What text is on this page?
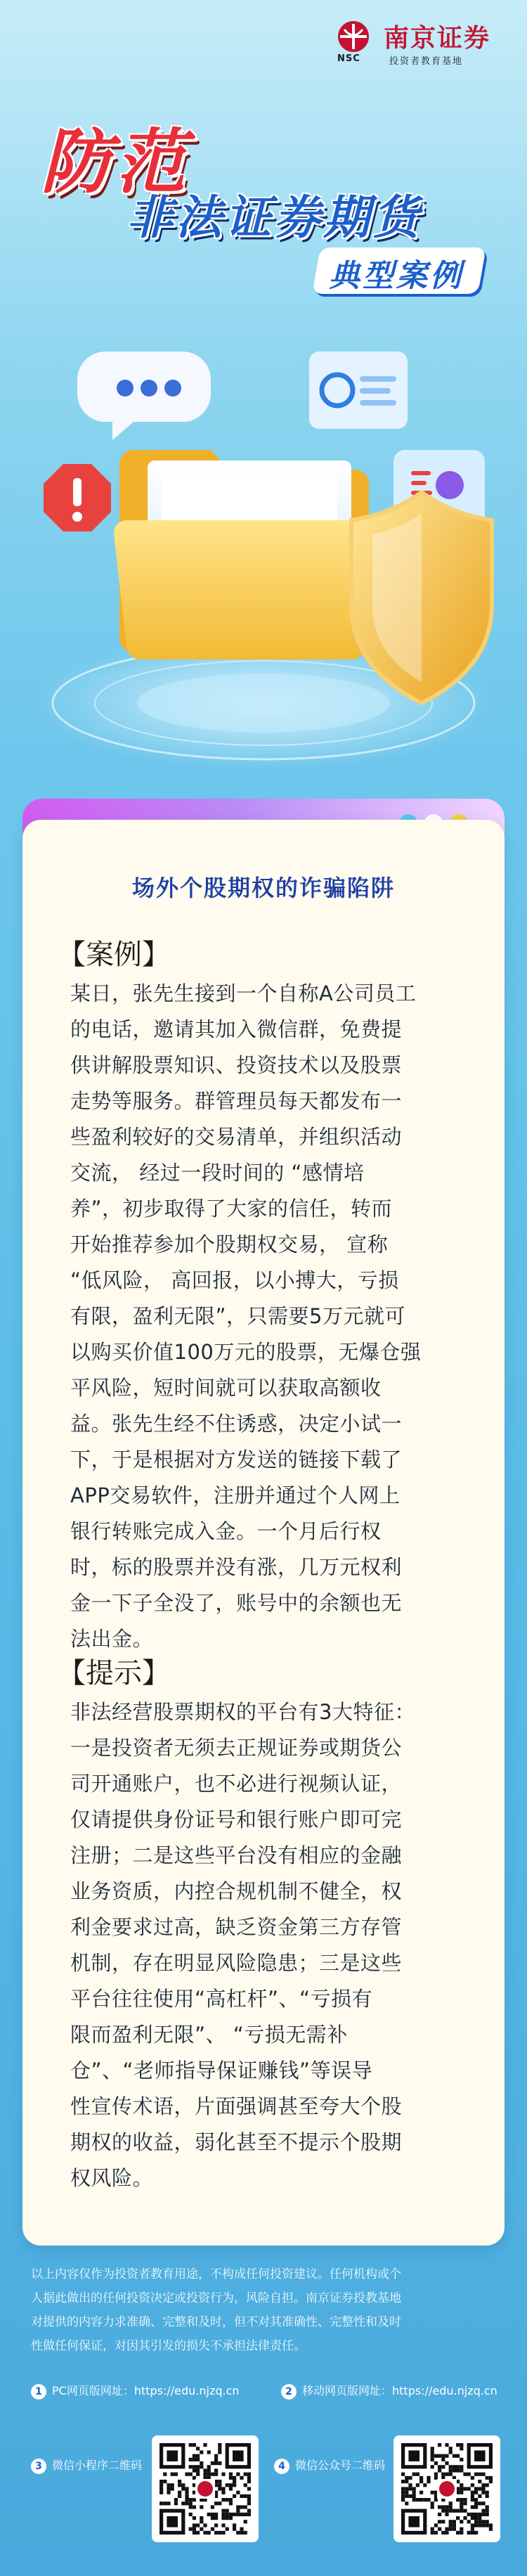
NSC
南京证券
投资者教育基地
防范
非法证券期货
典型案例
场外个股期权的诈骗陷阱
【案例】
某日，张先生接到一个自称A公司员工
的电话，邀请其加入微信群，免费提
供讲解股票知识、投资技术以及股票
走势等服务。群管理员每天都发布一
些盈利较好的交易清单，并组织活动
交流， 经过一段时间的 “感情培
养”，初步取得了大家的信任，转而
开始推荐参加个股期权交易， 宣称
“低风险， 高回报，以小搏大，亏损
有限，盈利无限”，只需要5万元就可
以购买价值100万元的股票，无爆仓强
平风险，短时间就可以获取高额收
益。张先生经不住诱惑，决定小试一
下，于是根据对方发送的链接下载了
APP交易软件，注册并通过个人网上
银行转账完成入金。一个月后行权
时，标的股票并没有涨，几万元权利
金一下子全没了，账号中的余额也无
法出金。
【提示】
非法经营股票期权的平台有3大特征：
一是投资者无须去正规证券或期货公
司开通账户，也不必进行视频认证，
仅请提供身份证号和银行账户即可完
注册；二是这些平台没有相应的金融
业务资质，内控合规机制不健全，权
利金要求过高，缺乏资金第三方存管
机制，存在明显风险隐患；三是这些
平台往往使用“高杠杆”、“亏损有
限而盈利无限”、 “亏损无需补
仓”、“老师指导保证赚钱”等误导
性宣传术语，片面强调甚至夸大个股
期权的收益，弱化甚至不提示个股期
权风险。
以上内容仅作为投资者教育用途，不构成任何投资建议。任何机构或个
人据此做出的任何投资决定或投资行为，风险自担。南京证券投教基地
对提供的内容力求准确、完整和及时，但不对其准确性、完整性和及时
性做任何保证，对因其引发的损失不承担法律责任。
1 PC网页版网址：https://edu.njzq.cn	2 移动网页版网址：https://edu.njzq.cn
3 微信小程序二维码	4 微信公众号二维码
